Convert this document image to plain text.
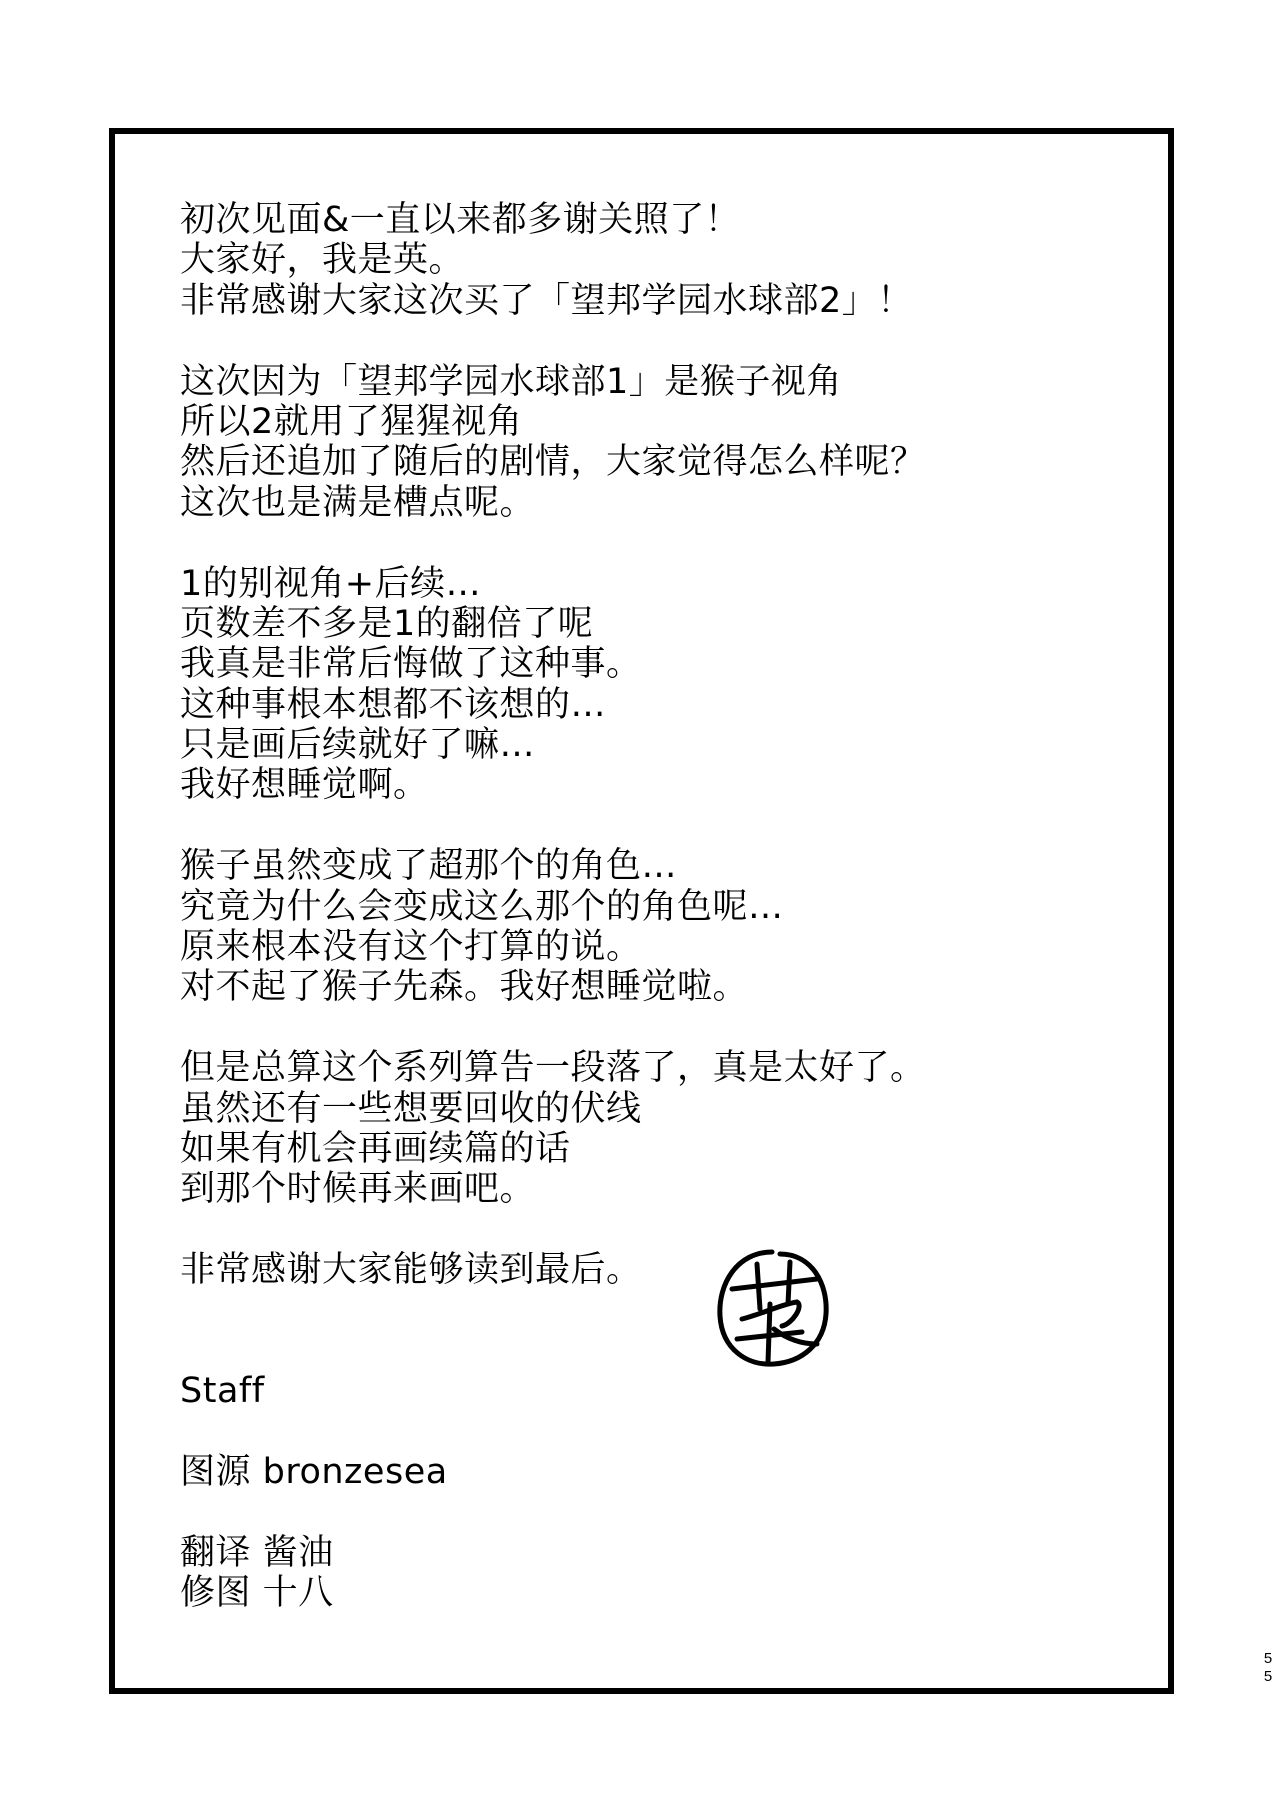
初次见面&一直以来都多谢关照了！
大家好，我是英。
非常感谢大家这次买了「望邦学园水球部2」！
这次因为「望邦学园水球部1」是猴子视角
所以2就用了猩猩视角
然后还追加了随后的剧情，大家觉得怎么样呢？
这次也是满是槽点呢。
1的别视角+后续…
页数差不多是1的翻倍了呢
我真是非常后悔做了这种事。
这种事根本想都不该想的…
只是画后续就好了嘛…
我好想睡觉啊。
猴子虽然变成了超那个的角色…
究竟为什么会变成这么那个的角色呢…
原来根本没有这个打算的说。
对不起了猴子先森。我好想睡觉啦。
但是总算这个系列算告一段落了，真是太好了。
虽然还有一些想要回收的伏线
如果有机会再画续篇的话
到那个时候再来画吧。
非常感谢大家能够读到最后。
Staff
图源 bronzesea
翻译 酱油
修图 十八
5
5
